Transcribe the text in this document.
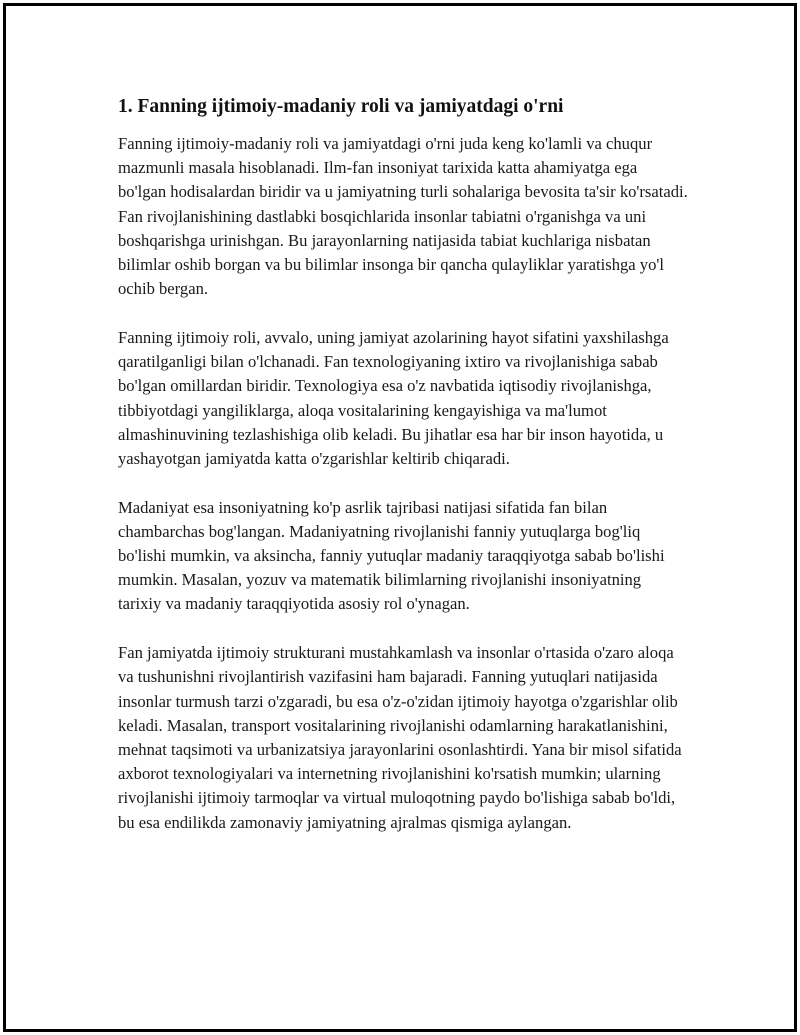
1. Fanning ijtimoiy-madaniy roli va jamiyatdagi o'rni

Fanning ijtimoiy-madaniy roli va jamiyatdagi o'rni juda keng ko'lamli va chuqur mazmunli masala hisoblanadi. Ilm-fan insoniyat tarixida katta ahamiyatga ega bo'lgan hodisalardan biridir va u jamiyatning turli sohalariga bevosita ta'sir ko'rsatadi. Fan rivojlanishining dastlabki bosqichlarida insonlar tabiatni o'rganishga va uni boshqarishga urinishgan. Bu jarayonlarning natijasida tabiat kuchlariga nisbatan bilimlar oshib borgan va bu bilimlar insonga bir qancha qulayliklar yaratishga yo'l ochib bergan.

Fanning ijtimoiy roli, avvalo, uning jamiyat azolarining hayot sifatini yaxshilashga qaratilganligi bilan o'lchanadi. Fan texnologiyaning ixtiro va rivojlanishiga sabab bo'lgan omillardan biridir. Texnologiya esa o'z navbatida iqtisodiy rivojlanishga, tibbiyotdagi yangiliklarga, aloqa vositalarining kengayishiga va ma'lumot almashinuvining tezlashishiga olib keladi. Bu jihatlar esa har bir inson hayotida, u yashayotgan jamiyatda katta o'zgarishlar keltirib chiqaradi.

Madaniyat esa insoniyatning ko'p asrlik tajribasi natijasi sifatida fan bilan chambarchas bog'langan. Madaniyatning rivojlanishi fanniy yutuqlarga bog'liq bo'lishi mumkin, va aksincha, fanniy yutuqlar madaniy taraqqiyotga sabab bo'lishi mumkin. Masalan, yozuv va matematik bilimlarning rivojlanishi insoniyatning tarixiy va madaniy taraqqiyotida asosiy rol o'ynagan.

Fan jamiyatda ijtimoiy strukturani mustahkamlash va insonlar o'rtasida o'zaro aloqa va tushunishni rivojlantirish vazifasini ham bajaradi. Fanning yutuqlari natijasida insonlar turmush tarzi o'zgaradi, bu esa o'z-o'zidan ijtimoiy hayotga o'zgarishlar olib keladi. Masalan, transport vositalarining rivojlanishi odamlarning harakatlanishini, mehnat taqsimoti va urbanizatsiya jarayonlarini osonlashtirdi. Yana bir misol sifatida axborot texnologiyalari va internetning rivojlanishini ko'rsatish mumkin; ularning rivojlanishi ijtimoiy tarmoqlar va virtual muloqotning paydo bo'lishiga sabab bo'ldi, bu esa endilikda zamonaviy jamiyatning ajralmas qismiga aylangan.
